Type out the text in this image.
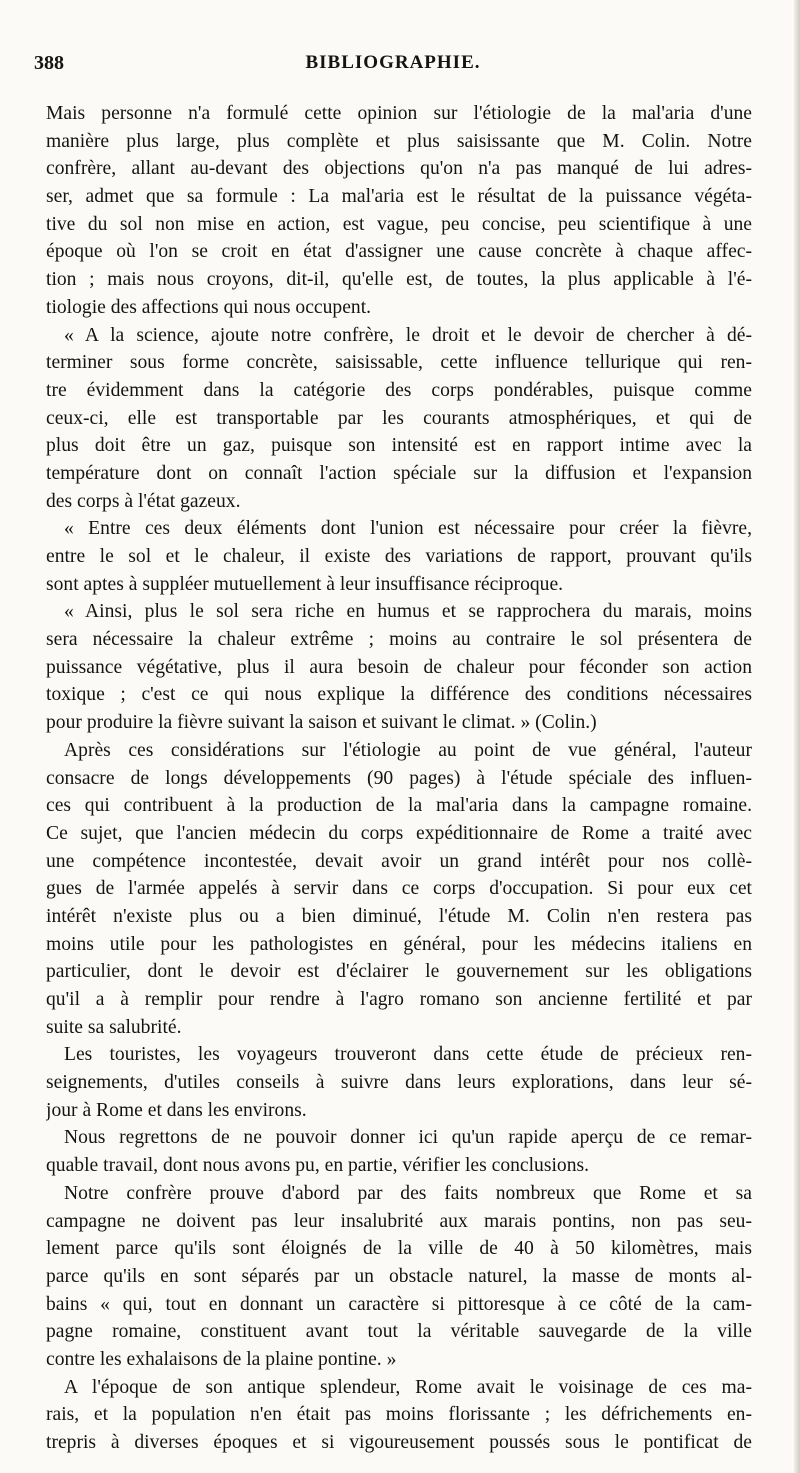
388	BIBLIOGRAPHIE.
Mais personne n'a formulé cette opinion sur l'étiologie de la mal'aria d'une
manière plus large, plus complète et plus saisissante que M. Colin. Notre
confrère, allant au-devant des objections qu'on n'a pas manqué de lui adres-
ser, admet que sa formule : La mal'aria est le résultat de la puissance végéta-
tive du sol non mise en action, est vague, peu concise, peu scientifique à une
époque où l'on se croit en état d'assigner une cause concrète à chaque affec-
tion ; mais nous croyons, dit-il, qu'elle est, de toutes, la plus applicable à l'é-
tiologie des affections qui nous occupent.
« A la science, ajoute notre confrère, le droit et le devoir de chercher à dé-
terminer sous forme concrète, saisissable, cette influence tellurique qui ren-
tre évidemment dans la catégorie des corps pondérables, puisque comme
ceux-ci, elle est transportable par les courants atmosphériques, et qui de
plus doit être un gaz, puisque son intensité est en rapport intime avec la
température dont on connaît l'action spéciale sur la diffusion et l'expansion
des corps à l'état gazeux.
« Entre ces deux éléments dont l'union est nécessaire pour créer la fièvre,
entre le sol et le chaleur, il existe des variations de rapport, prouvant qu'ils
sont aptes à suppléer mutuellement à leur insuffisance réciproque.
« Ainsi, plus le sol sera riche en humus et se rapprochera du marais, moins
sera nécessaire la chaleur extrême ; moins au contraire le sol présentera de
puissance végétative, plus il aura besoin de chaleur pour féconder son action
toxique ; c'est ce qui nous explique la différence des conditions nécessaires
pour produire la fièvre suivant la saison et suivant le climat. » (Colin.)
Après ces considérations sur l'étiologie au point de vue général, l'auteur
consacre de longs développements (90 pages) à l'étude spéciale des influen-
ces qui contribuent à la production de la mal'aria dans la campagne romaine.
Ce sujet, que l'ancien médecin du corps expéditionnaire de Rome a traité avec
une compétence incontestée, devait avoir un grand intérêt pour nos collè-
gues de l'armée appelés à servir dans ce corps d'occupation. Si pour eux cet
intérêt n'existe plus ou a bien diminué, l'étude M. Colin n'en restera pas
moins utile pour les pathologistes en général, pour les médecins italiens en
particulier, dont le devoir est d'éclairer le gouvernement sur les obligations
qu'il a à remplir pour rendre à l'agro romano son ancienne fertilité et par
suite sa salubrité.
Les touristes, les voyageurs trouveront dans cette étude de précieux ren-
seignements, d'utiles conseils à suivre dans leurs explorations, dans leur sé-
jour à Rome et dans les environs.
Nous regrettons de ne pouvoir donner ici qu'un rapide aperçu de ce remar-
quable travail, dont nous avons pu, en partie, vérifier les conclusions.
Notre confrère prouve d'abord par des faits nombreux que Rome et sa
campagne ne doivent pas leur insalubrité aux marais pontins, non pas seu-
lement parce qu'ils sont éloignés de la ville de 40 à 50 kilomètres, mais
parce qu'ils en sont séparés par un obstacle naturel, la masse de monts al-
bains « qui, tout en donnant un caractère si pittoresque à ce côté de la cam-
pagne romaine, constituent avant tout la véritable sauvegarde de la ville
contre les exhalaisons de la plaine pontine. »
A l'époque de son antique splendeur, Rome avait le voisinage de ces ma-
rais, et la population n'en était pas moins florissante ; les défrichements en-
trepris à diverses époques et si vigoureusement poussés sous le pontificat de
